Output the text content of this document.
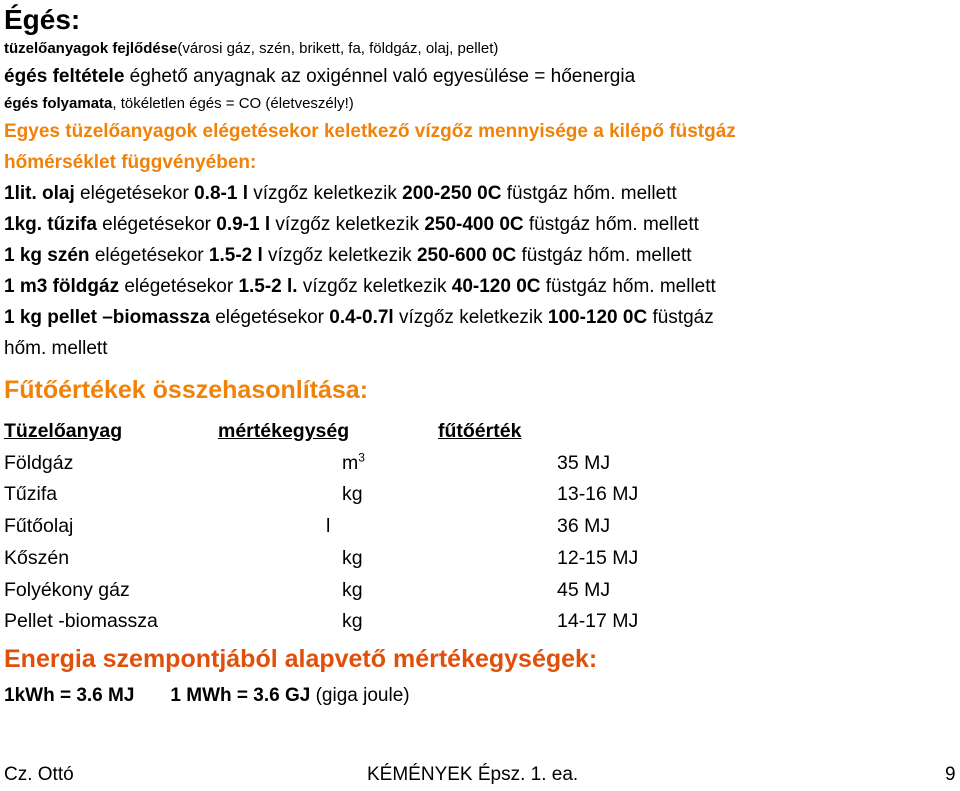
Égés:
tüzelőanyagok fejlődése(városi gáz, szén, brikett, fa, földgáz, olaj, pellet)
égés feltétele éghető anyagnak az oxigénnel való egyesülése = hőenergia
égés folyamata, tökéletlen égés = CO (életveszély!)
Egyes tüzelőanyagok elégetésekor keletkező vízgőz mennyisége a kilépő füstgáz
hőmérséklet függvényében:
1lit. olaj elégetésekor 0.8-1 l vízgőz keletkezik 200-250 0C füstgáz hőm. mellett
1kg. tűzifa elégetésekor 0.9-1 l vízgőz keletkezik 250-400 0C füstgáz hőm. mellett
1 kg szén elégetésekor 1.5-2 l vízgőz keletkezik 250-600 0C füstgáz hőm. mellett
1 m3 földgáz elégetésekor 1.5-2 l. vízgőz keletkezik 40-120 0C füstgáz hőm. mellett
1 kg pellet –biomassza elégetésekor 0.4-0.7l vízgőz keletkezik 100-120 0C füstgáz
hőm. mellett
Fűtőértékek összehasonlítása:
Tüzelőanyag	mértékegység	fűtőérték
Földgáz	$m^3$	35 MJ
Tűzifa	kg	13-16 MJ
Fűtőolaj	l	36 MJ
Kőszén	kg	12-15 MJ
Folyékony gáz	kg	45 MJ
Pellet -biomassza	kg	14-17 MJ
Energia szempontjából alapvető mértékegységek:
1kWh = 3.6 MJ 1 MWh = 3.6 GJ (giga joule)
Cz. Ottó	KÉMÉNYEK Épsz. 1. ea.	9
